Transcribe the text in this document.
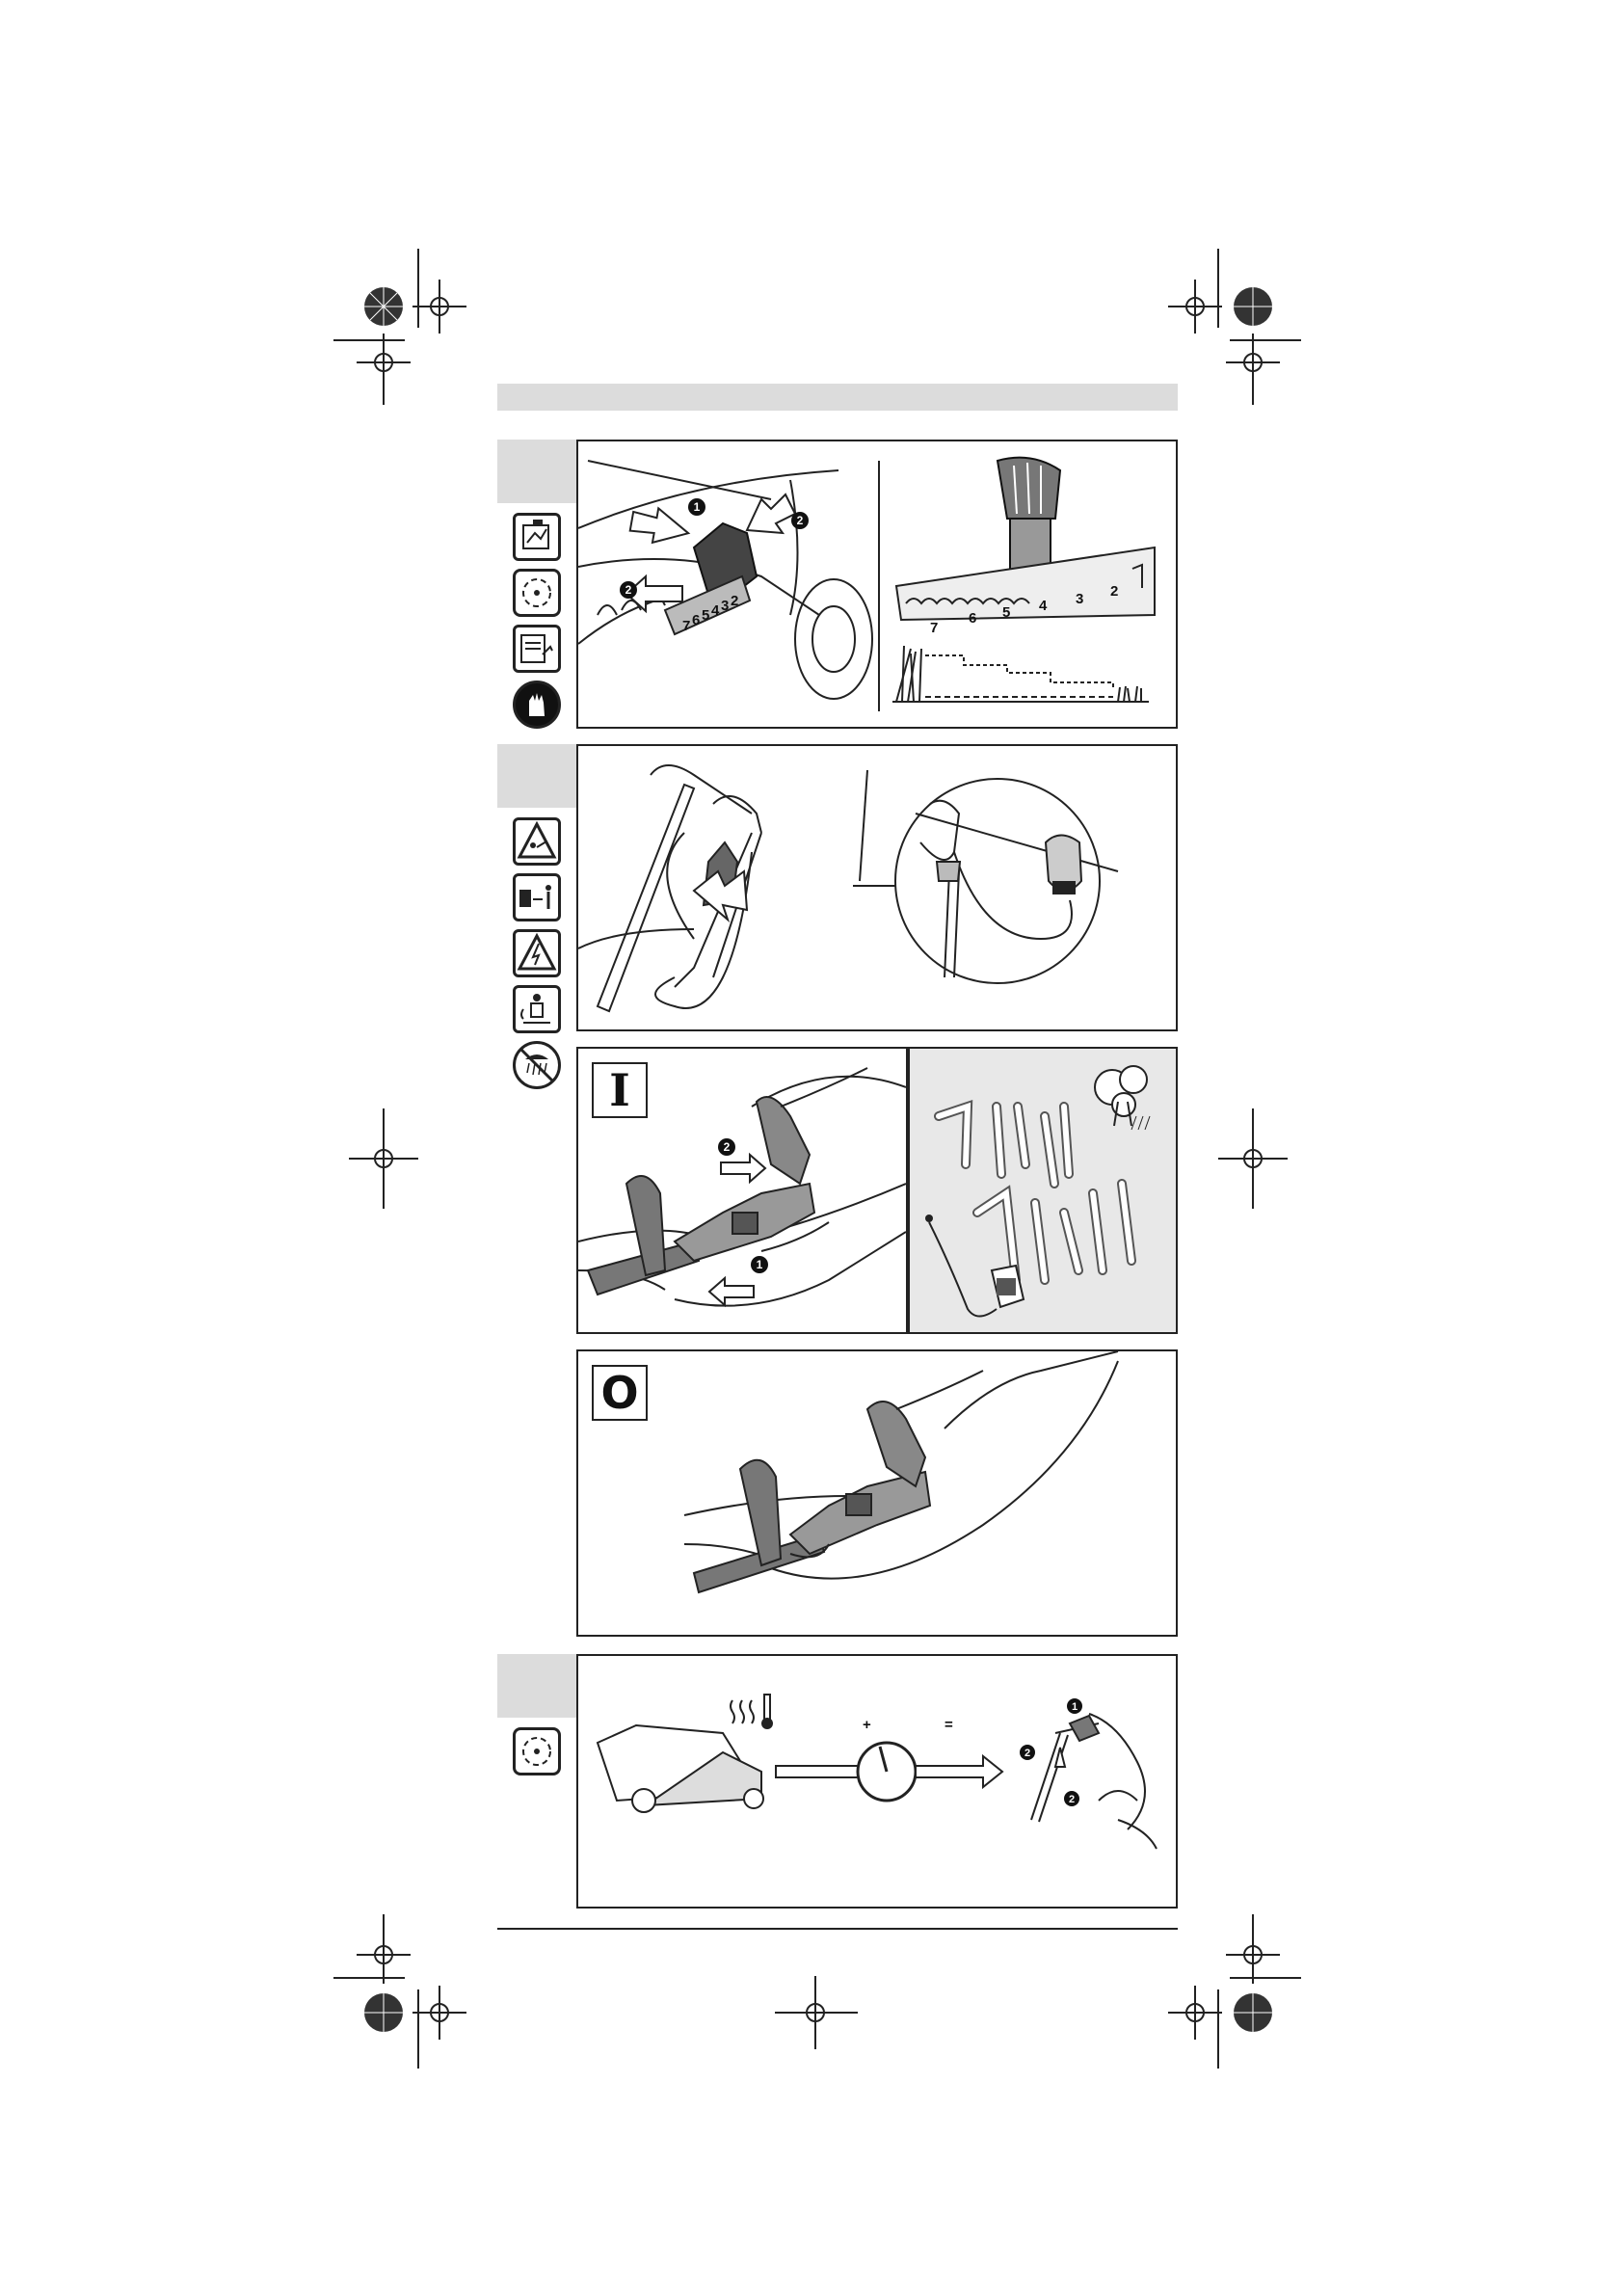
7 6 5 4 3 2
1
2
2
7
6 5 4 3 2
I
2
1
O
+	=
1
2
2
